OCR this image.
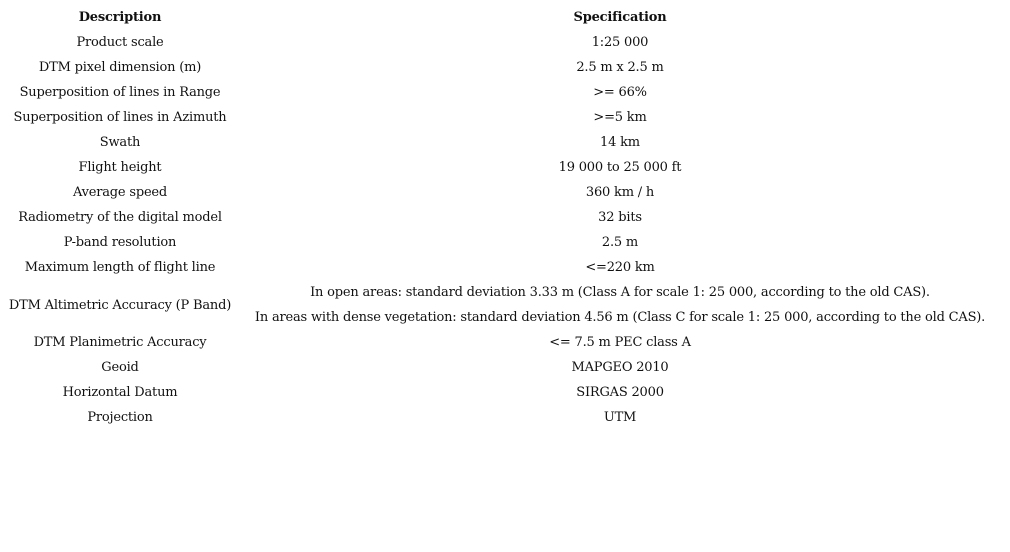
Description	Specification
Product scale	1:25 000
DTM pixel dimension (m)	2.5 m x 2.5 m
Superposition of lines in Range	>= 66%
Superposition of lines in Azimuth	>=5 km
Swath	14 km
Flight height	19 000 to 25 000 ft
Average speed	360 km / h
Radiometry of the digital model	32 bits
P-band resolution	2.5 m
Maximum length of flight line	<=220 km
DTM Altimetric Accuracy (P Band)	In open areas: standard deviation 3.33 m (Class A for scale 1: 25 000, according to the old CAS).
In areas with dense vegetation: standard deviation 4.56 m (Class C for scale 1: 25 000, according to the old CAS).

DTM Planimetric Accuracy	<= 7.5 m PEC class A
Geoid	MAPGEO 2010
Horizontal Datum	SIRGAS 2000
Projection	UTM
